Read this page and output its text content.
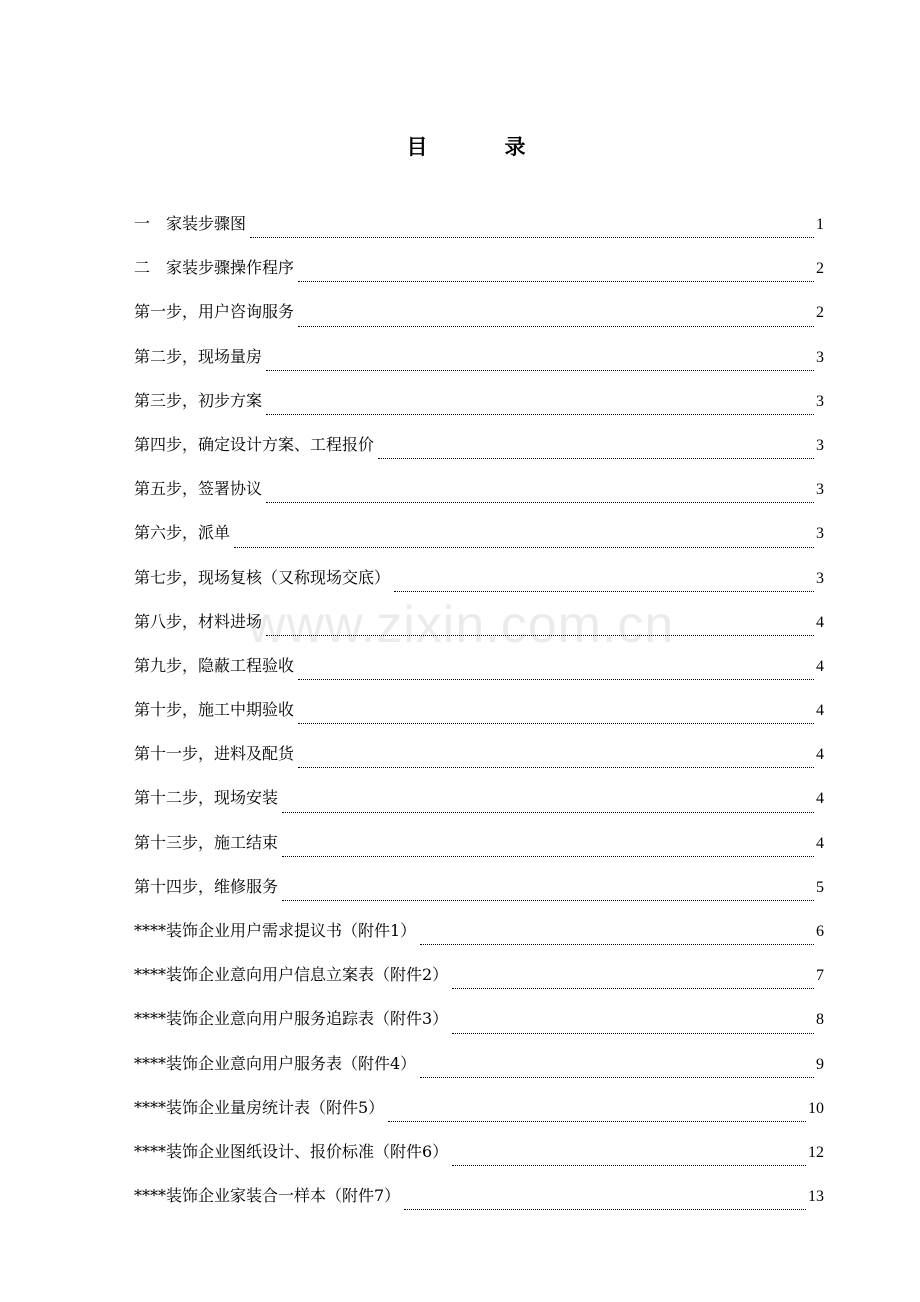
目　录
www.zixin.com.cn
一　家装步骤图	1
二　家装步骤操作程序	2
第一步，用户咨询服务	2
第二步，现场量房	3
第三步，初步方案	3
第四步，确定设计方案、工程报价	3
第五步，签署协议	3
第六步，派单	3
第七步，现场复核（又称现场交底）	3
第八步，材料进场	4
第九步，隐蔽工程验收	4
第十步，施工中期验收	4
第十一步，进料及配货	4
第十二步，现场安装	4
第十三步，施工结束	4
第十四步，维修服务	5
****装饰企业用户需求提议书（附件1）	6
****装饰企业意向用户信息立案表（附件2）	7
****装饰企业意向用户服务追踪表（附件3）	8
****装饰企业意向用户服务表（附件4）	9
****装饰企业量房统计表（附件5）	10
****装饰企业图纸设计、报价标准（附件6）	12
****装饰企业家装合一样本（附件7）	13
